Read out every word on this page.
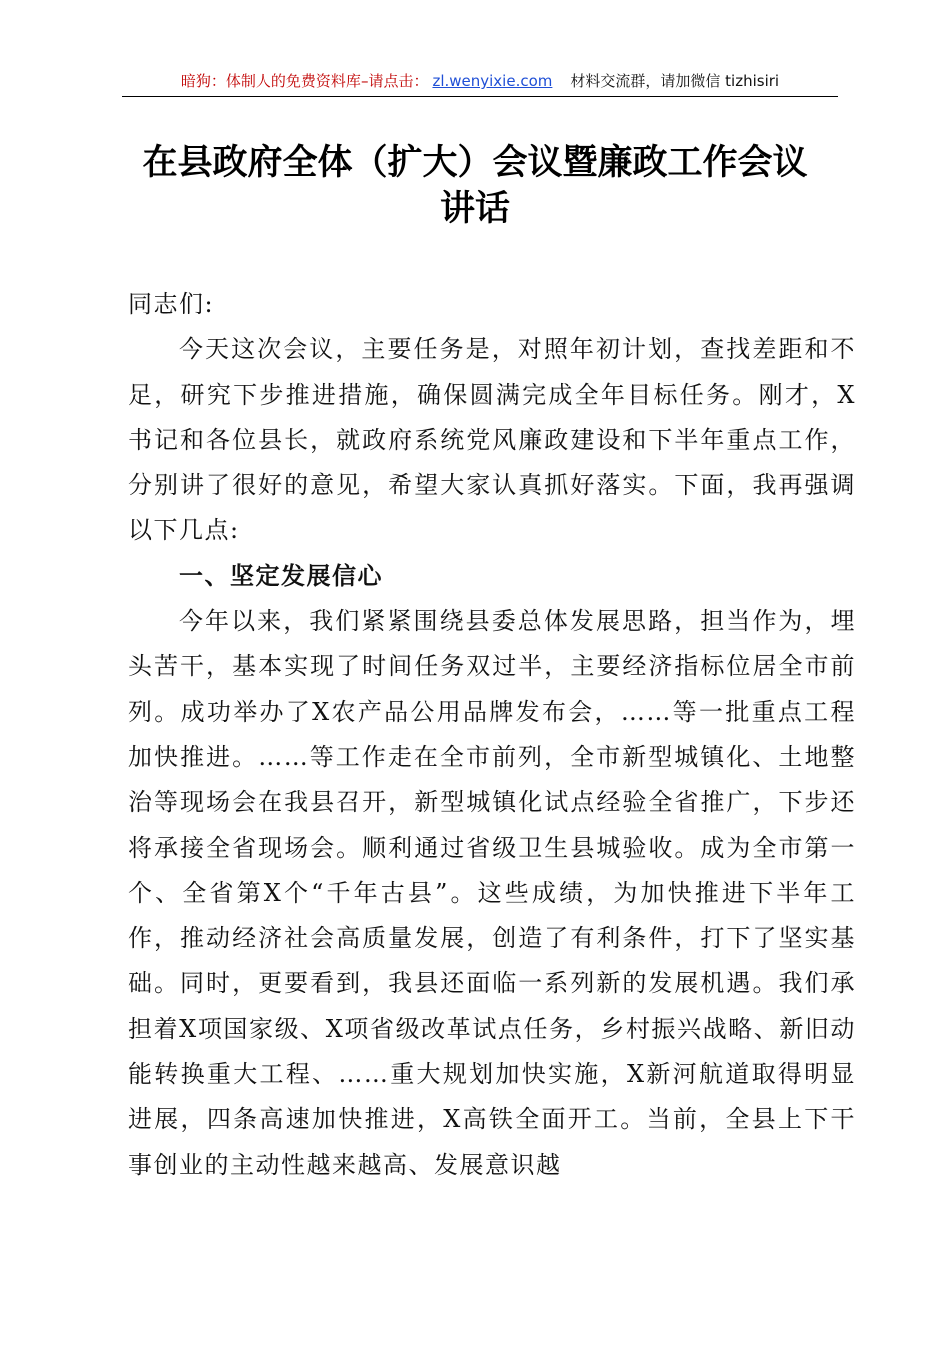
暗狗：体制人的免费资料库–请点击： zl.wenyixie.com 材料交流群，请加微信 tizhisiri
在县政府全体（扩大）会议暨廉政工作会议
讲话

同志们:

今天这次会议，主要任务是，对照年初计划，查找差距和不足，研究下步推进措施，确保圆满完成全年目标任务。刚才，X书记和各位县长，就政府系统党风廉政建设和下半年重点工作，分别讲了很好的意见，希望大家认真抓好落实。下面，我再强调以下几点:

一、坚定发展信心

今年以来，我们紧紧围绕县委总体发展思路，担当作为，埋头苦干，基本实现了时间任务双过半，主要经济指标位居全市前列。成功举办了X农产品公用品牌发布会，……等一批重点工程加快推进。……等工作走在全市前列，全市新型城镇化、土地整治等现场会在我县召开，新型城镇化试点经验全省推广，下步还将承接全省现场会。顺利通过省级卫生县城验收。成为全市第一个、全省第X个“千年古县”。这些成绩，为加快推进下半年工作，推动经济社会高质量发展，创造了有利条件，打下了坚实基础。同时，更要看到，我县还面临一系列新的发展机遇。我们承担着X项国家级、X项省级改革试点任务，乡村振兴战略、新旧动能转换重大工程、……重大规划加快实施，X新河航道取得明显进展，四条高速加快推进，X高铁全面开工。当前，全县上下干事创业的主动性越来越高、发展意识越
